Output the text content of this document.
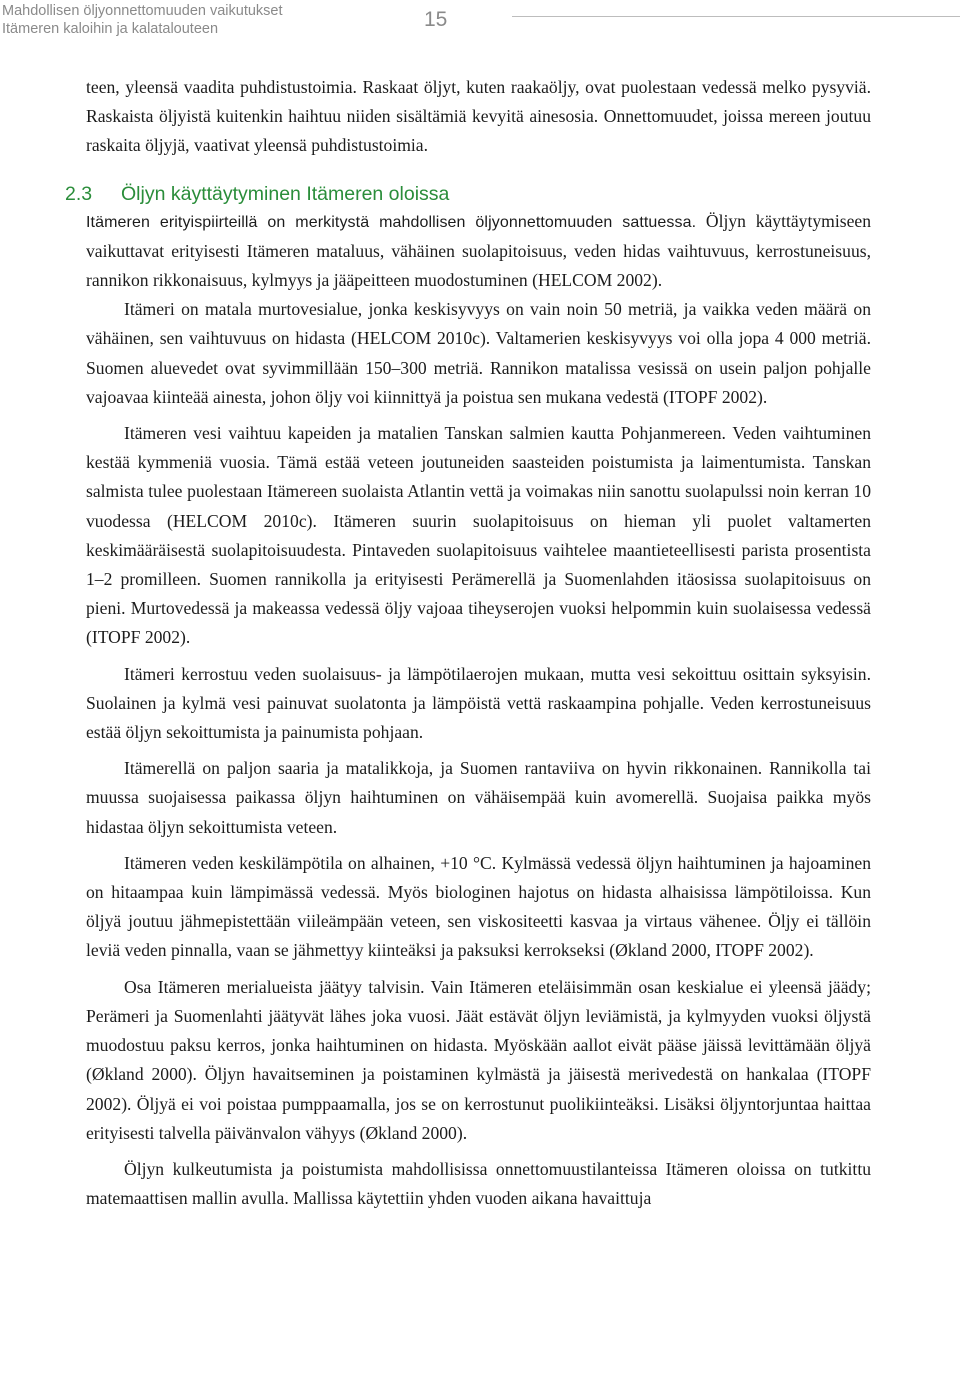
Mahdollisen öljyonnettomuuden vaikutukset
Itämeren kaloihin ja kalatalouteen	15

teen, yleensä vaadita puhdistustoimia. Raskaat öljyt, kuten raakaöljy, ovat puolestaan vedessä melko pysyviä. Raskaista öljyistä kuitenkin haihtuu niiden sisältämiä kevyitä ainesosia. Onnettomuudet, joissa mereen joutuu raskaita öljyjä, vaativat yleensä puhdistustoimia.

2.3 Öljyn käyttäytyminen Itämeren oloissa

Itämeren erityispiirteillä on merkitystä mahdollisen öljyonnettomuuden sattuessa. Öljyn käyttäytymiseen vaikuttavat erityisesti Itämeren mataluus, vähäinen suolapitoisuus, veden hidas vaihtuvuus, kerrostuneisuus, rannikon rikkonaisuus, kylmyys ja jääpeitteen muodostuminen (HELCOM 2002).

Itämeri on matala murtovesialue, jonka keskisyvyys on vain noin 50 metriä, ja vaikka veden määrä on vähäinen, sen vaihtuvuus on hidasta (HELCOM 2010c). Valtamerien keskisyvyys voi olla jopa 4 000 metriä. Suomen aluevedet ovat syvimmillään 150–300 metriä. Rannikon matalissa vesissä on usein paljon pohjalle vajoavaa kiinteää ainesta, johon öljy voi kiinnittyä ja poistua sen mukana vedestä (ITOPF 2002).

Itämeren vesi vaihtuu kapeiden ja matalien Tanskan salmien kautta Pohjanmereen. Veden vaihtuminen kestää kymmeniä vuosia. Tämä estää veteen joutuneiden saasteiden poistumista ja laimentumista. Tanskan salmista tulee puolestaan Itämereen suolaista Atlantin vettä ja voimakas niin sanottu suolapulssi noin kerran 10 vuodessa (HELCOM 2010c). Itämeren suurin suolapitoisuus on hieman yli puolet valtamerten keskimääräisestä suolapitoisuudesta. Pintaveden suolapitoisuus vaihtelee maantieteellisesti parista prosentista 1–2 promilleen. Suomen rannikolla ja erityisesti Perämerellä ja Suomenlahden itäosissa suolapitoisuus on pieni. Murtovedessä ja makeassa vedessä öljy vajoaa tiheyserojen vuoksi helpommin kuin suolaisessa vedessä (ITOPF 2002).

Itämeri kerrostuu veden suolaisuus- ja lämpötilaerojen mukaan, mutta vesi sekoittuu osittain syksyisin. Suolainen ja kylmä vesi painuvat suolatonta ja lämpöistä vettä raskaampina pohjalle. Veden kerrostuneisuus estää öljyn sekoittumista ja painumista pohjaan.

Itämerellä on paljon saaria ja matalikkoja, ja Suomen rantaviiva on hyvin rikkonainen. Rannikolla tai muussa suojaisessa paikassa öljyn haihtuminen on vähäisempää kuin avomerellä. Suojaisa paikka myös hidastaa öljyn sekoittumista veteen.

Itämeren veden keskilämpötila on alhainen, +10 °C. Kylmässä vedessä öljyn haihtuminen ja hajoaminen on hitaampaa kuin lämpimässä vedessä. Myös biologinen hajotus on hidasta alhaisissa lämpötiloissa. Kun öljyä joutuu jähmepistettään viileämpään veteen, sen viskositeetti kasvaa ja virtaus vähenee. Öljy ei tällöin leviä veden pinnalla, vaan se jähmettyy kiinteäksi ja paksuksi kerrokseksi (Økland 2000, ITOPF 2002).

Osa Itämeren merialueista jäätyy talvisin. Vain Itämeren eteläisimmän osan keskialue ei yleensä jäädy; Perämeri ja Suomenlahti jäätyvät lähes joka vuosi. Jäät estävät öljyn leviämistä, ja kylmyyden vuoksi öljystä muodostuu paksu kerros, jonka haihtuminen on hidasta. Myöskään aallot eivät pääse jäissä levittämään öljyä (Økland 2000). Öljyn havaitseminen ja poistaminen kylmästä ja jäisestä merivedestä on hankalaa (ITOPF 2002). Öljyä ei voi poistaa pumppaamalla, jos se on kerrostunut puolikiinteäksi. Lisäksi öljyntorjuntaa haittaa erityisesti talvella päivänvalon vähyys (Økland 2000).

Öljyn kulkeutumista ja poistumista mahdollisissa onnettomuustilanteissa Itämeren oloissa on tutkittu matemaattisen mallin avulla. Mallissa käytettiin yhden vuoden aikana havaittuja
